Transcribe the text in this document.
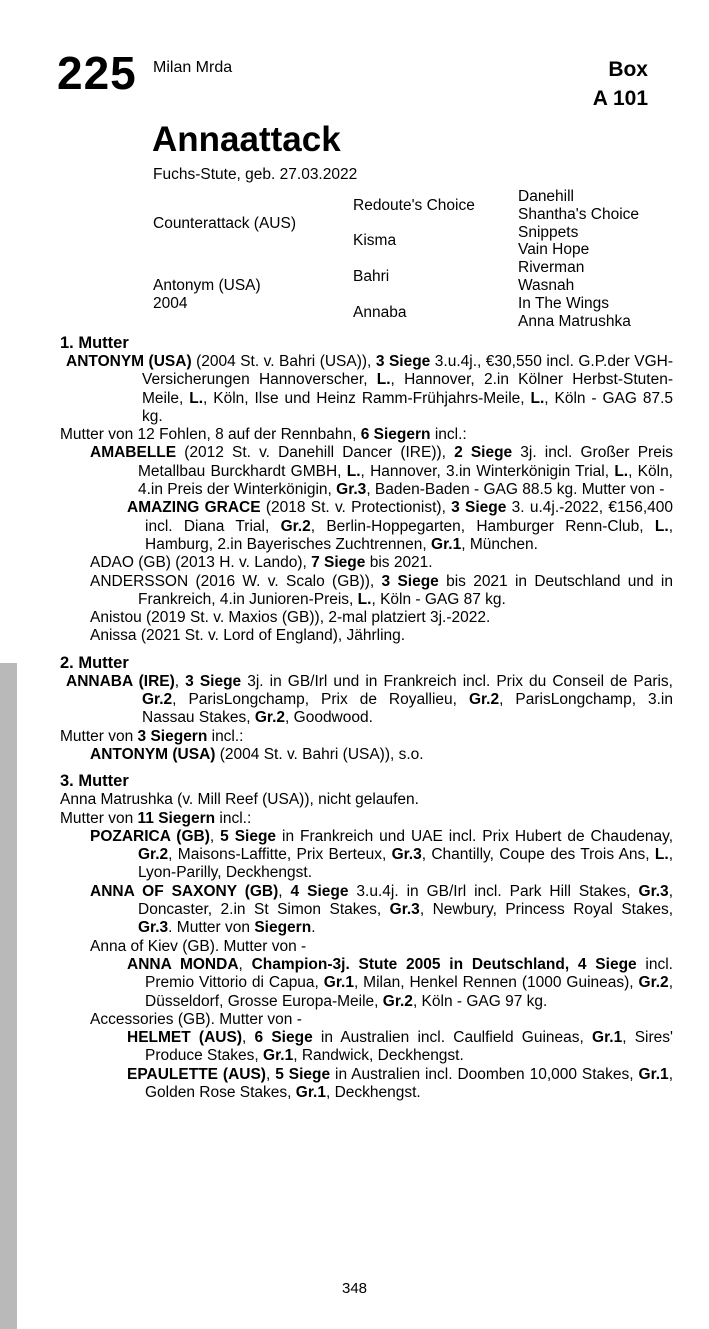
225 Milan Mrda	Box
A 101
Annaattack
Fuchs-Stute, geb. 27.03.2022
Counterattack (AUS)	Redoute's Choice	Danehill
		Shantha's Choice
	Kisma	Snippets
		Vain Hope

Antonym (USA)
2004	Bahri	Riverman
		Wasnah
	Annaba	In The Wings
		Anna Matrushka
1. Mutter

ANTONYM (USA) (2004 St. v. Bahri (USA)), 3 Siege 3.u.4j., €30,550 incl. G.P.der VGH-Versicherungen Hannoverscher, L., Hannover, 2.in Kölner Herbst-Stuten-Meile, L., Köln, Ilse und Heinz Ramm-Frühjahrs-Meile, L., Köln - GAG 87.5 kg.

Mutter von 12 Fohlen, 8 auf der Rennbahn, 6 Siegern incl.:

AMABELLE (2012 St. v. Danehill Dancer (IRE)), 2 Siege 3j. incl. Großer Preis Metallbau Burckhardt GMBH, L., Hannover, 3.in Winterkönigin Trial, L., Köln, 4.in Preis der Winterkönigin, Gr.3, Baden-Baden - GAG 88.5 kg. Mutter von -

AMAZING GRACE (2018 St. v. Protectionist), 3 Siege 3. u.4j.-2022, €156,400 incl. Diana Trial, Gr.2, Berlin-Hoppegarten, Hamburger Renn-Club, L., Hamburg, 2.in Bayerisches Zuchtrennen, Gr.1, München.

ADAO (GB) (2013 H. v. Lando), 7 Siege bis 2021.

ANDERSSON (2016 W. v. Scalo (GB)), 3 Siege bis 2021 in Deutschland und in Frankreich, 4.in Junioren-Preis, L., Köln - GAG 87 kg.

Anistou (2019 St. v. Maxios (GB)), 2-mal platziert 3j.-2022.

Anissa (2021 St. v. Lord of England), Jährling.

2. Mutter

ANNABA (IRE), 3 Siege 3j. in GB/Irl und in Frankreich incl. Prix du Conseil de Paris, Gr.2, ParisLongchamp, Prix de Royallieu, Gr.2, ParisLongchamp, 3.in Nassau Stakes, Gr.2, Goodwood.

Mutter von 3 Siegern incl.:

ANTONYM (USA) (2004 St. v. Bahri (USA)), s.o.

3. Mutter

Anna Matrushka (v. Mill Reef (USA)), nicht gelaufen.

Mutter von 11 Siegern incl.:

POZARICA (GB), 5 Siege in Frankreich und UAE incl. Prix Hubert de Chaudenay, Gr.2, Maisons-Laffitte, Prix Berteux, Gr.3, Chantilly, Coupe des Trois Ans, L., Lyon-Parilly, Deckhengst.

ANNA OF SAXONY (GB), 4 Siege 3.u.4j. in GB/Irl incl. Park Hill Stakes, Gr.3, Doncaster, 2.in St Simon Stakes, Gr.3, Newbury, Princess Royal Stakes, Gr.3. Mutter von Siegern.

Anna of Kiev (GB). Mutter von -

ANNA MONDA, Champion-3j. Stute 2005 in Deutschland, 4 Siege incl. Premio Vittorio di Capua, Gr.1, Milan, Henkel Rennen (1000 Guineas), Gr.2, Düsseldorf, Grosse Europa-Meile, Gr.2, Köln - GAG 97 kg.

Accessories (GB). Mutter von -

HELMET (AUS), 6 Siege in Australien incl. Caulfield Guineas, Gr.1, Sires' Produce Stakes, Gr.1, Randwick, Deckhengst.

EPAULETTE (AUS), 5 Siege in Australien incl. Doomben 10,000 Stakes, Gr.1, Golden Rose Stakes, Gr.1, Deckhengst.

348
